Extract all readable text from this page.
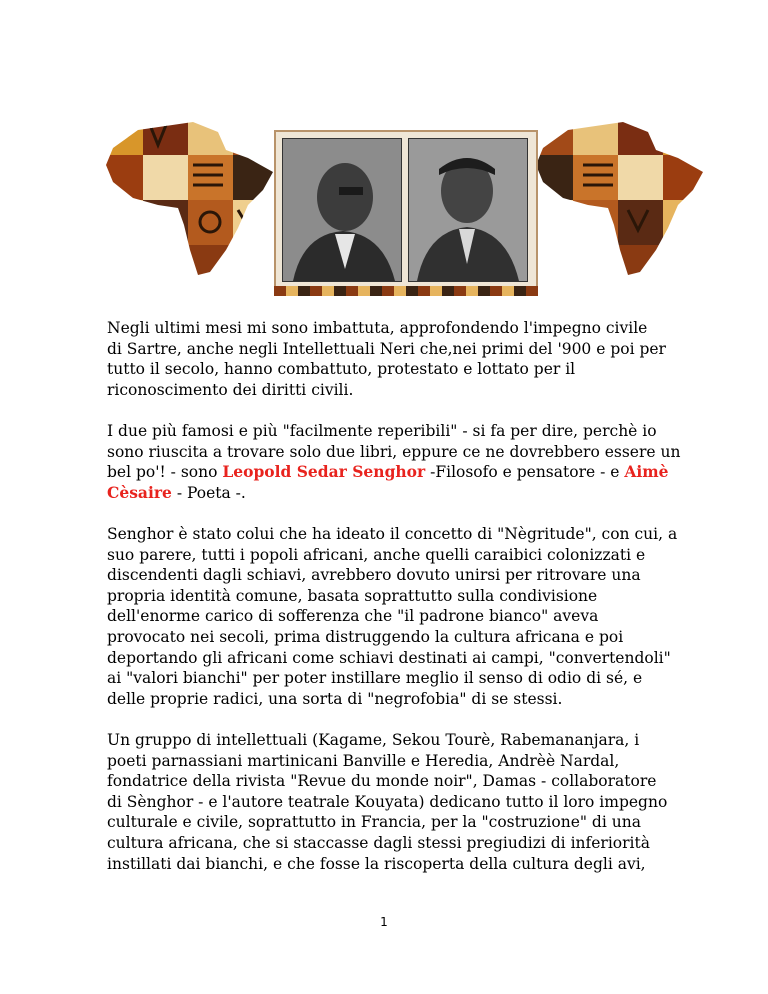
Negli ultimi mesi mi sono imbattuta, approfondendo l'impegno civile
di Sartre, anche negli Intellettuali Neri che,nei primi del '900 e poi per
tutto il secolo, hanno combattuto, protestato e lottato per il
riconoscimento dei diritti civili.

I due più famosi e più "facilmente reperibili" - si fa per dire, perchè io
sono riuscita a trovare solo due libri, eppure ce ne dovrebbero essere un
bel po'! - sono Leopold Sedar Senghor -Filosofo e pensatore - e Aimè
Cèsaire - Poeta -.

Senghor è stato colui che ha ideato il concetto di "Nègritude", con cui, a
suo parere, tutti i popoli africani, anche quelli caraibici colonizzati e
discendenti dagli schiavi, avrebbero dovuto unirsi per ritrovare una
propria identità comune, basata soprattutto sulla condivisione
dell'enorme carico di sofferenza che "il padrone bianco" aveva
provocato nei secoli, prima distruggendo la cultura africana e poi
deportando gli africani come schiavi destinati ai campi, "convertendoli"
ai "valori bianchi" per poter instillare meglio il senso di odio di sé, e
delle proprie radici, una sorta di "negrofobia" di se stessi.

Un gruppo di intellettuali (Kagame, Sekou Tourè, Rabemananjara, i
poeti parnassiani martinicani Banville e Heredia, Andrèè Nardal,
fondatrice della rivista "Revue du monde noir", Damas - collaboratore
di Sènghor - e l'autore teatrale Kouyata) dedicano tutto il loro impegno
culturale e civile, soprattutto in Francia, per la "costruzione" di una
cultura africana, che si staccasse dagli stessi pregiudizi di inferiorità
instillati dai bianchi, e che fosse la riscoperta della cultura degli avi,

1
